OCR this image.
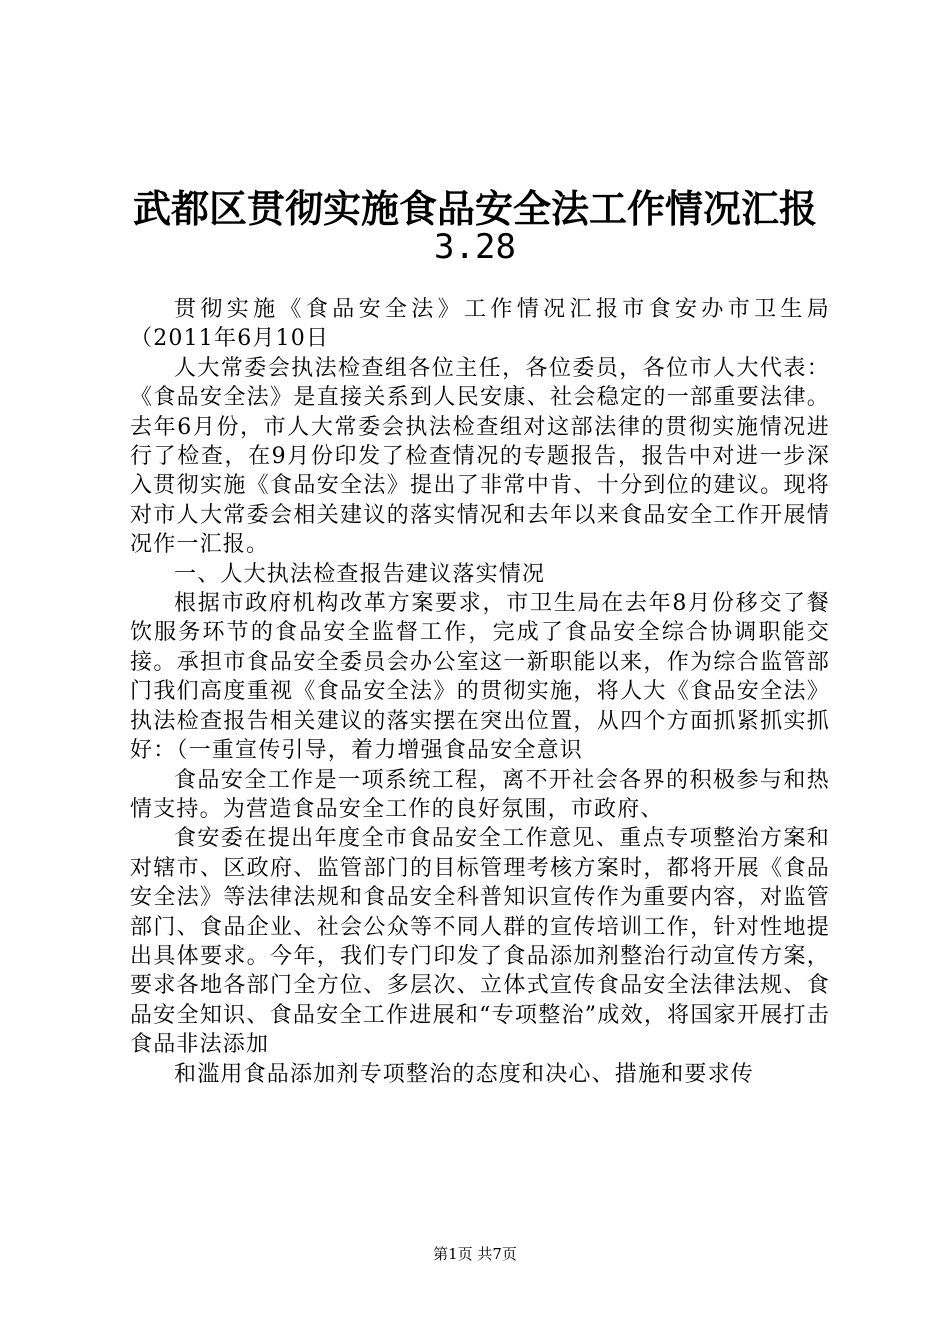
武都区贯彻实施食品安全法工作情况汇报
3.28

贯彻实施《食品安全法》工作情况汇报市食安办市卫生局（2011年6月10日

人大常委会执法检查组各位主任，各位委员，各位市人大代表：《食品安全法》是直接关系到人民安康、社会稳定的一部重要法律。去年6月份，市人大常委会执法检查组对这部法律的贯彻实施情况进行了检查，在9月份印发了检查情况的专题报告，报告中对进一步深入贯彻实施《食品安全法》提出了非常中肯、十分到位的建议。现将对市人大常委会相关建议的落实情况和去年以来食品安全工作开展情况作一汇报。

一、人大执法检查报告建议落实情况

根据市政府机构改革方案要求，市卫生局在去年8月份移交了餐饮服务环节的食品安全监督工作，完成了食品安全综合协调职能交接。承担市食品安全委员会办公室这一新职能以来，作为综合监管部门我们高度重视《食品安全法》的贯彻实施，将人大《食品安全法》执法检查报告相关建议的落实摆在突出位置，从四个方面抓紧抓实抓好：（一重宣传引导，着力增强食品安全意识

食品安全工作是一项系统工程，离不开社会各界的积极参与和热情支持。为营造食品安全工作的良好氛围，市政府、

食安委在提出年度全市食品安全工作意见、重点专项整治方案和对辖市、区政府、监管部门的目标管理考核方案时，都将开展《食品安全法》等法律法规和食品安全科普知识宣传作为重要内容，对监管部门、食品企业、社会公众等不同人群的宣传培训工作，针对性地提出具体要求。今年，我们专门印发了食品添加剂整治行动宣传方案，要求各地各部门全方位、多层次、立体式宣传食品安全法律法规、食品安全知识、食品安全工作进展和“专项整治”成效，将国家开展打击食品非法添加

和滥用食品添加剂专项整治的态度和决心、措施和要求传

第1页 共7页
